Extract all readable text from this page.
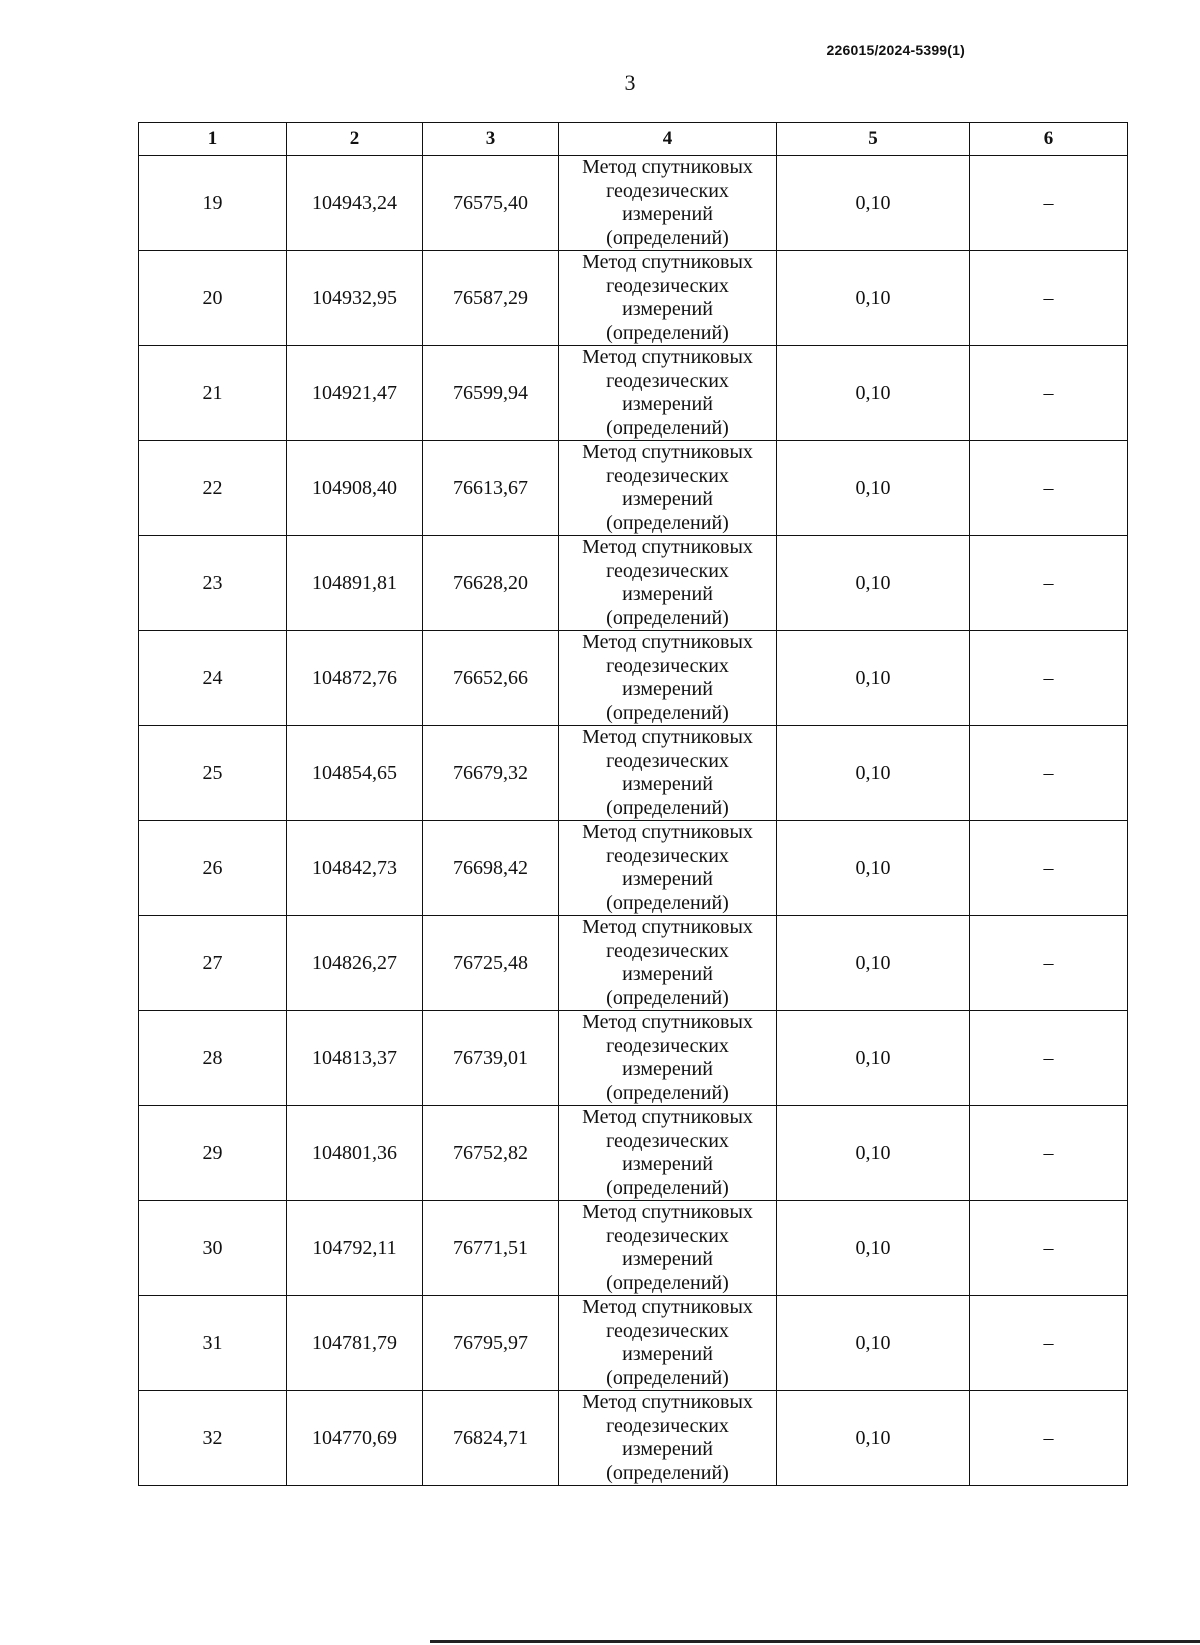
226015/2024-5399(1)
3
1	2	3	4	5	6
19	104943,24	76575,40	Метод спутниковых геодезических измерений (определений)	0,10	–
20	104932,95	76587,29	Метод спутниковых геодезических измерений (определений)	0,10	–
21	104921,47	76599,94	Метод спутниковых геодезических измерений (определений)	0,10	–
22	104908,40	76613,67	Метод спутниковых геодезических измерений (определений)	0,10	–
23	104891,81	76628,20	Метод спутниковых геодезических измерений (определений)	0,10	–
24	104872,76	76652,66	Метод спутниковых геодезических измерений (определений)	0,10	–
25	104854,65	76679,32	Метод спутниковых геодезических измерений (определений)	0,10	–
26	104842,73	76698,42	Метод спутниковых геодезических измерений (определений)	0,10	–
27	104826,27	76725,48	Метод спутниковых геодезических измерений (определений)	0,10	–
28	104813,37	76739,01	Метод спутниковых геодезических измерений (определений)	0,10	–
29	104801,36	76752,82	Метод спутниковых геодезических измерений (определений)	0,10	–
30	104792,11	76771,51	Метод спутниковых геодезических измерений (определений)	0,10	–
31	104781,79	76795,97	Метод спутниковых геодезических измерений (определений)	0,10	–
32	104770,69	76824,71	Метод спутниковых геодезических измерений (определений)	0,10	–
